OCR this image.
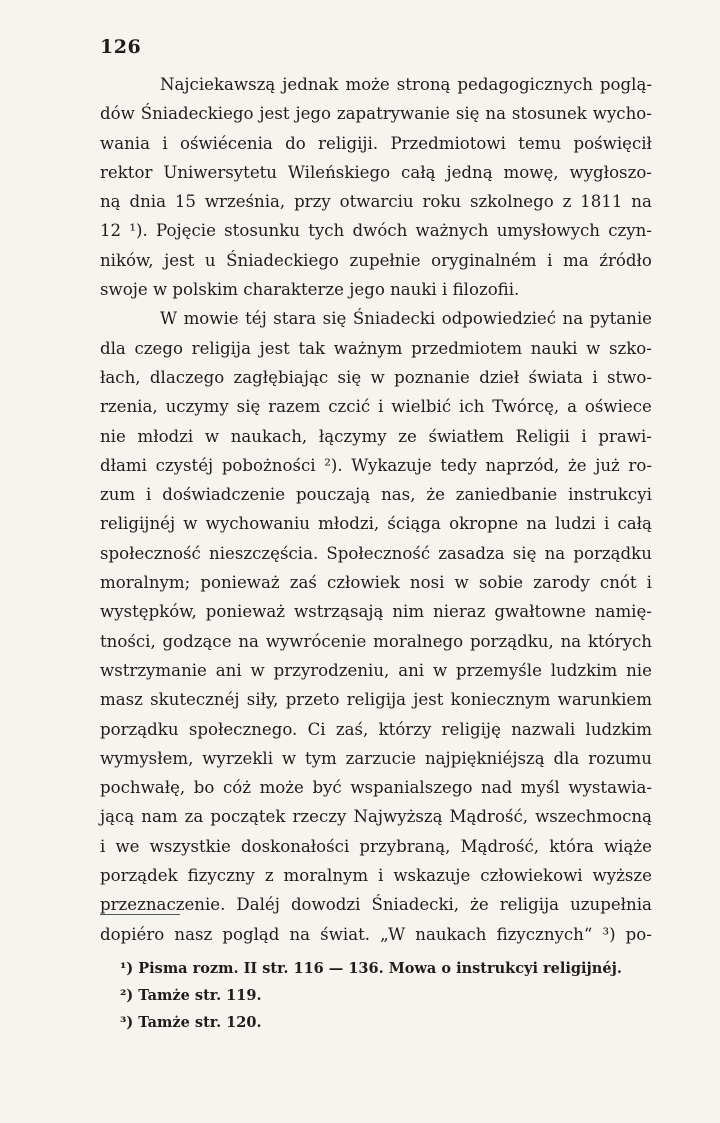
126
Najciekawszą jednak może stroną pedagogicznych poglą-
dów Śniadeckiego jest jego zapatrywanie się na stosunek wycho-
wania i oświécenia do religiji. Przedmiotowi temu poświęcił
rektor Uniwersytetu Wileńskiego całą jedną mowę, wygłoszo-
ną dnia 15 września, przy otwarciu roku szkolnego z 1811 na
12 ¹). Pojęcie stosunku tych dwóch ważnych umysłowych czyn-
ników, jest u Śniadeckiego zupełnie oryginalném i ma źródło
swoje w polskim charakterze jego nauki i filozofii.
W mowie téj stara się Śniadecki odpowiedzieć na pytanie
dla czego religija jest tak ważnym przedmiotem nauki w szko-
łach, dlaczego zagłębiając się w poznanie dzieł świata i stwo-
rzenia, uczymy się razem czcić i wielbić ich Twórcę, a oświece
nie młodzi w naukach, łączymy ze światłem Religii i prawi-
dłami czystéj pobożności ²). Wykazuje tedy naprzód, że już ro-
zum i doświadczenie pouczają nas, że zaniedbanie instrukcyi
religijnéj w wychowaniu młodzi, ściąga okropne na ludzi i całą
społeczność nieszczęścia. Społeczność zasadza się na porządku
moralnym; ponieważ zaś człowiek nosi w sobie zarody cnót i
występków, ponieważ wstrząsają nim nieraz gwałtowne namię-
tności, godzące na wywrócenie moralnego porządku, na których
wstrzymanie ani w przyrodzeniu, ani w przemyśle ludzkim nie
masz skutecznéj siły, przeto religija jest koniecznym warunkiem
porządku społecznego. Ci zaś, którzy religiję nazwali ludzkim
wymysłem, wyrzekli w tym zarzucie najpiękniéjszą dla rozumu
pochwałę, bo cóż może być wspanialszego nad myśl wystawia-
jącą nam za początek rzeczy Najwyższą Mądrość, wszechmocną
i we wszystkie doskonałości przybraną, Mądrość, która wiąże
porządek fizyczny z moralnym i wskazuje człowiekowi wyższe
przeznaczenie. Daléj dowodzi Śniadecki, że religija uzupełnia
dopiéro nasz pogląd na świat. „W naukach fizycznych“ ³) po-
¹) Pisma rozm. II str. 116 — 136. Mowa o instrukcyi religijnéj.
²) Tamże str. 119.
³) Tamże str. 120.
